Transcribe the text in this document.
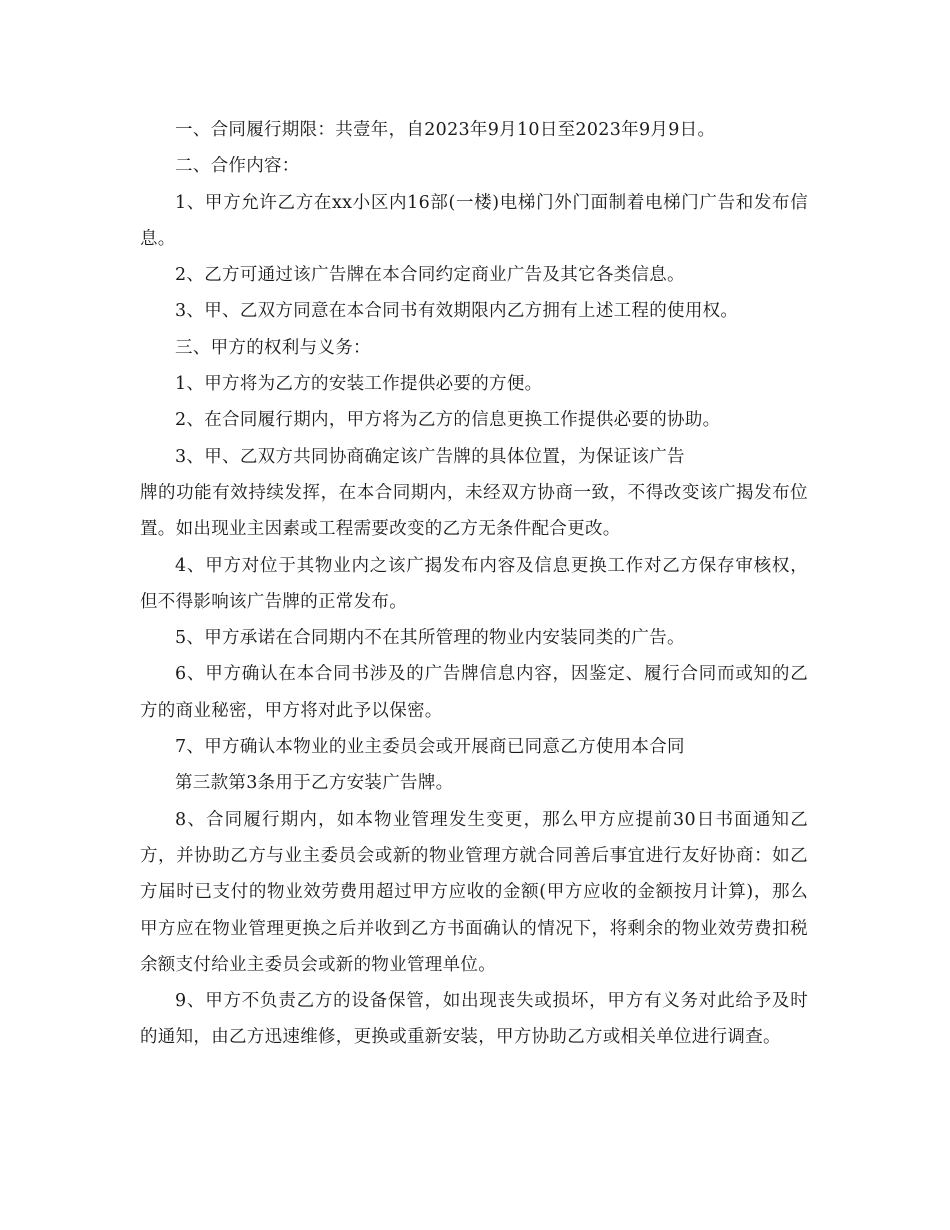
一、合同履行期限：共壹年，自2023年9月10日至2023年9月9日。

二、合作内容：

1、甲方允许乙方在xx小区内16部(一楼)电梯门外门面制着电梯门广告和发布信息。

2、乙方可通过该广告牌在本合同约定商业广告及其它各类信息。

3、甲、乙双方同意在本合同书有效期限内乙方拥有上述工程的使用权。

三、甲方的权利与义务：

1、甲方将为乙方的安装工作提供必要的方便。

2、在合同履行期内，甲方将为乙方的信息更换工作提供必要的协助。

3、甲、乙双方共同协商确定该广告牌的具体位置，为保证该广告

牌的功能有效持续发挥，在本合同期内，未经双方协商一致，不得改变该广揭发布位置。如出现业主因素或工程需要改变的乙方无条件配合更改。

4、甲方对位于其物业内之该广揭发布内容及信息更换工作对乙方保存审核权，但不得影响该广告牌的正常发布。

5、甲方承诺在合同期内不在其所管理的物业内安装同类的广告。

6、甲方确认在本合同书涉及的广告牌信息内容，因鉴定、履行合同而或知的乙方的商业秘密，甲方将对此予以保密。

7、甲方确认本物业的业主委员会或开展商已同意乙方使用本合同

第三款第3条用于乙方安装广告牌。

8、合同履行期内，如本物业管理发生变更，那么甲方应提前30日书面通知乙方，并协助乙方与业主委员会或新的物业管理方就合同善后事宜进行友好协商：如乙方届时已支付的物业效劳费用超过甲方应收的金额(甲方应收的金额按月计算)，那么甲方应在物业管理更换之后并收到乙方书面确认的情况下，将剩余的物业效劳费扣税余额支付给业主委员会或新的物业管理单位。

9、甲方不负责乙方的设备保管，如出现丧失或损坏，甲方有义务对此给予及时的通知，由乙方迅速维修，更换或重新安装，甲方协助乙方或相关单位进行调查。
